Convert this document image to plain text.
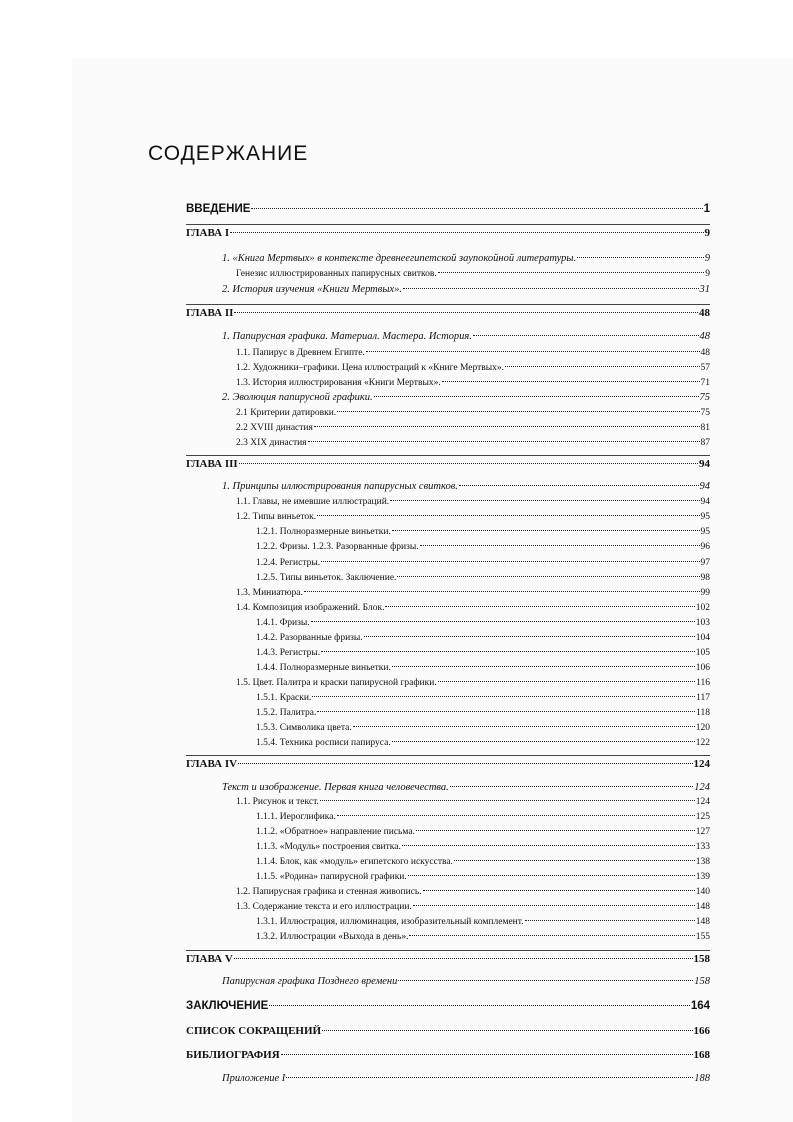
СОДЕРЖАНИЕ
ВВЕДЕНИЕ	1
ГЛАВА I	9
1. «Книга Мертвых» в контексте древнеегипетской заупокойной литературы.	9
Генезис иллюстрированных папирусных свитков.	9
2. История изучения «Книги Мертвых».	31
ГЛАВА II	48
1. Папирусная графика. Материал. Мастера. История.	48
1.1. Папирус в Древнем Египте.	48
1.2. Художники–графики. Цена иллюстраций к «Книге Мертвых».	57
1.3. История иллюстрирования «Книги Мертвых».	71
2. Эволюция папирусной графики.	75
2.1 Критерии датировки.	75
2.2 XVIII династия	81
2.3 XIX династия	87
ГЛАВА III	94
1. Принципы иллюстрирования папирусных свитков.	94
1.1. Главы, не имевшие иллюстраций.	94
1.2. Типы виньеток.	95
1.2.1. Полноразмерные виньетки.	95
1.2.2. Фризы. 1.2.3. Разорванные фризы.	96
1.2.4. Регистры.	97
1.2.5. Типы виньеток. Заключение.	98
1.3. Миниатюра.	99
1.4. Композиция изображений. Блок.	102
1.4.1. Фризы.	103
1.4.2. Разорванные фризы.	104
1.4.3. Регистры.	105
1.4.4. Полноразмерные виньетки.	106
1.5. Цвет. Палитра и краски папирусной графики.	116
1.5.1. Краски.	117
1.5.2. Палитра.	118
1.5.3. Символика цвета.	120
1.5.4. Техника росписи папируса.	122
ГЛАВА IV	124
Текст и изображение. Первая книга человечества.	124
1.1. Рисунок и текст.	124
1.1.1. Иероглифика.	125
1.1.2. «Обратное» направление письма.	127
1.1.3. «Модуль» построения свитка.	133
1.1.4. Блок, как «модуль» египетского искусства.	138
1.1.5. «Родина» папирусной графики.	139
1.2. Папирусная графика и стенная живопись.	140
1.3. Содержание текста и его иллюстрации.	148
1.3.1. Иллюстрация, иллюминация, изобразительный комплемент.	148
1.3.2. Иллюстрации «Выхода в день».	155
ГЛАВА V	158
Папирусная графика Позднего времени	158
ЗАКЛЮЧЕНИЕ	164
СПИСОК СОКРАЩЕНИЙ	166
БИБЛИОГРАФИЯ	168
Приложение I	188
